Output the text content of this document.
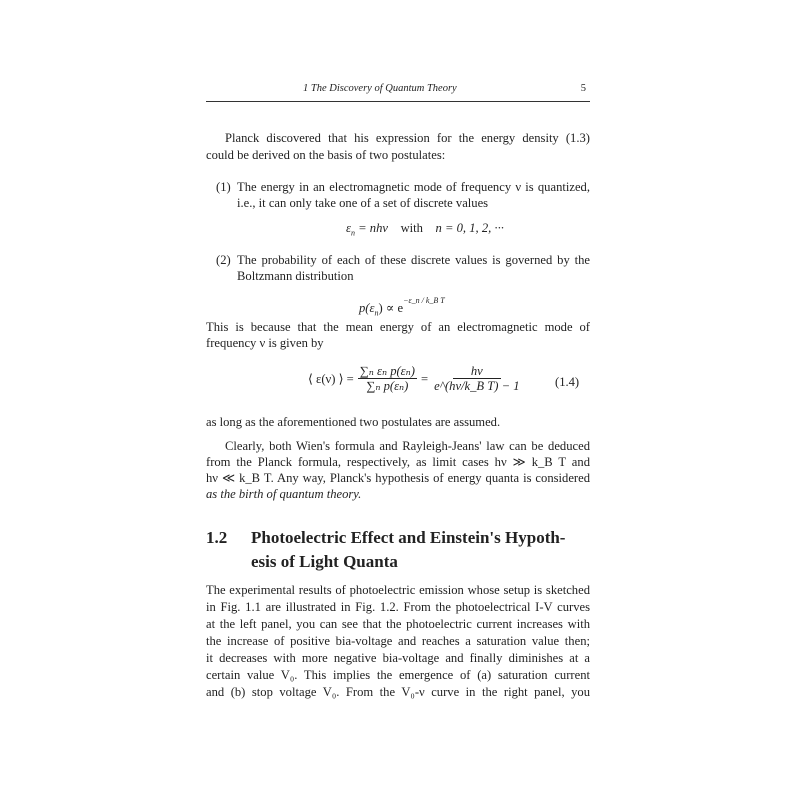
1 The Discovery of Quantum Theory	5
Planck discovered that his expression for the energy density (1.3)
could be derived on the basis of two postulates:
(1) The energy in an electromagnetic mode of frequency ν is quantized,
i.e., it can only take one of a set of discrete values
$\varepsilon_n = nh\nu$ with n = 0, 1, 2, ···
(2) The probability of each of these discrete values is governed by the
Boltzmann distribution
$p(\varepsilon_n) \propto e^{-\varepsilon\_n / k\_B T}$
This is because that the mean energy of an electromagnetic mode of
frequency ν is given by
⟨ ε(ν) ⟩ = $\frac{\text{∑ₙ εₙ p(εₙ)}}{\text{∑ₙ p(εₙ)}} = \frac{h\nu}{\text{e\textasciicircum{}(hν/k\_B T) − 1}}$	(1.4)
as long as the aforementioned two postulates are assumed.
Clearly, both Wien's formula and Rayleigh-Jeans' law can be deduced
from the Planck formula, respectively, as limit cases hν ≫ k_B T and
hν ≪ k_B T. Any way, Planck's hypothesis of energy quanta is considered
as the birth of quantum theory.
1.2 Photoelectric Effect and Einstein's Hypoth-
esis of Light Quanta
The experimental results of photoelectric emission whose setup is sketched
in Fig. 1.1 are illustrated in Fig. 1.2. From the photoelectrical I-V curves
at the left panel, you can see that the photoelectric current increases with
the increase of positive bia-voltage and reaches a saturation value then;
it decreases with more negative bia-voltage and finally diminishes at a
certain value V₀. This implies the emergence of (a) saturation current
and (b) stop voltage V₀. From the V₀-ν curve in the right panel, you
